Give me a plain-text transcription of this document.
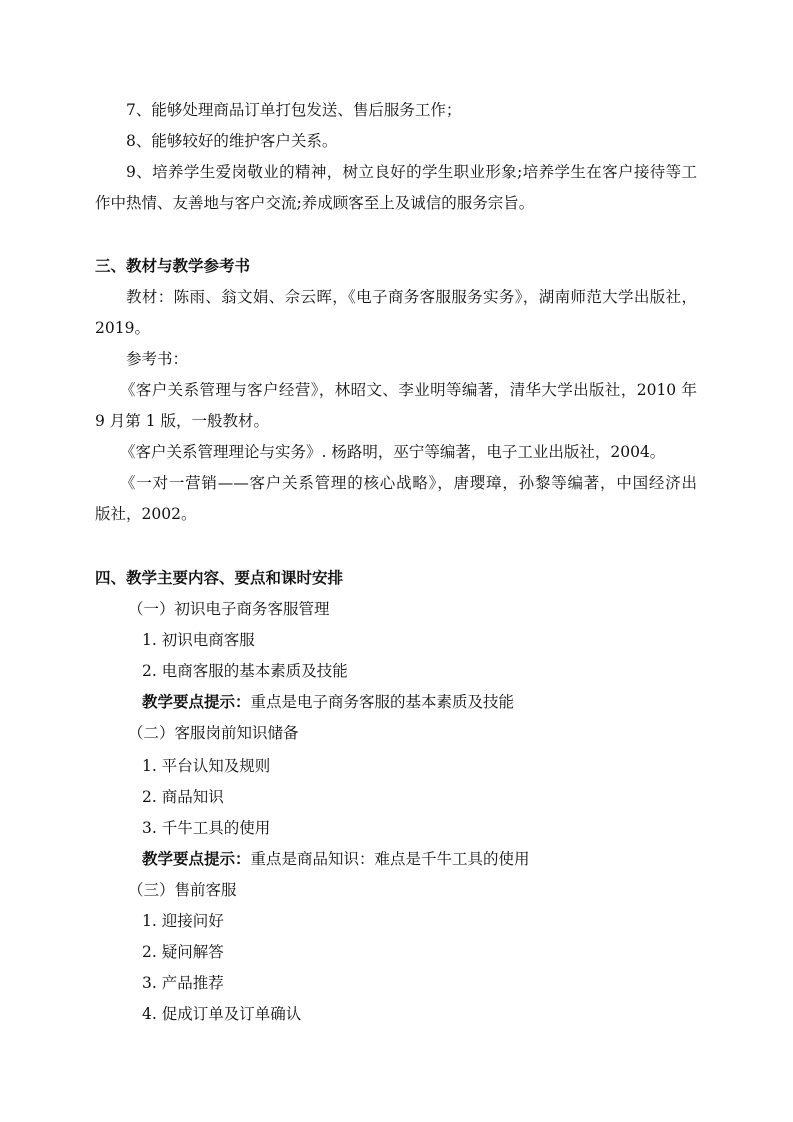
7、能够处理商品订单打包发送、售后服务工作；
8、能够较好的维护客户关系。
9、培养学生爱岗敬业的精神，树立良好的学生职业形象;培养学生在客户接待等工
作中热情、友善地与客户交流;养成顾客至上及诚信的服务宗旨。
三、教材与教学参考书
教材：陈雨、翁文娟、佘云晖，《电子商务客服服务实务》，湖南师范大学出版社，
2019。
参考书：
《客户关系管理与客户经营》，林昭文、李业明等编著，清华大学出版社，2010 年
9 月第 1 版，一般教材。
《客户关系管理理论与实务》. 杨路明，巫宁等编著，电子工业出版社，2004。
《一对一营销——客户关系管理的核心战略》，唐璎璋，孙黎等编著，中国经济出
版社，2002。
四、教学主要内容、要点和课时安排
（一）初识电子商务客服管理
1. 初识电商客服
2. 电商客服的基本素质及技能
教学要点提示：重点是电子商务客服的基本素质及技能
（二）客服岗前知识储备
1. 平台认知及规则
2. 商品知识
3. 千牛工具的使用
教学要点提示：重点是商品知识：难点是千牛工具的使用
（三）售前客服
1. 迎接问好
2. 疑问解答
3. 产品推荐
4. 促成订单及订单确认
